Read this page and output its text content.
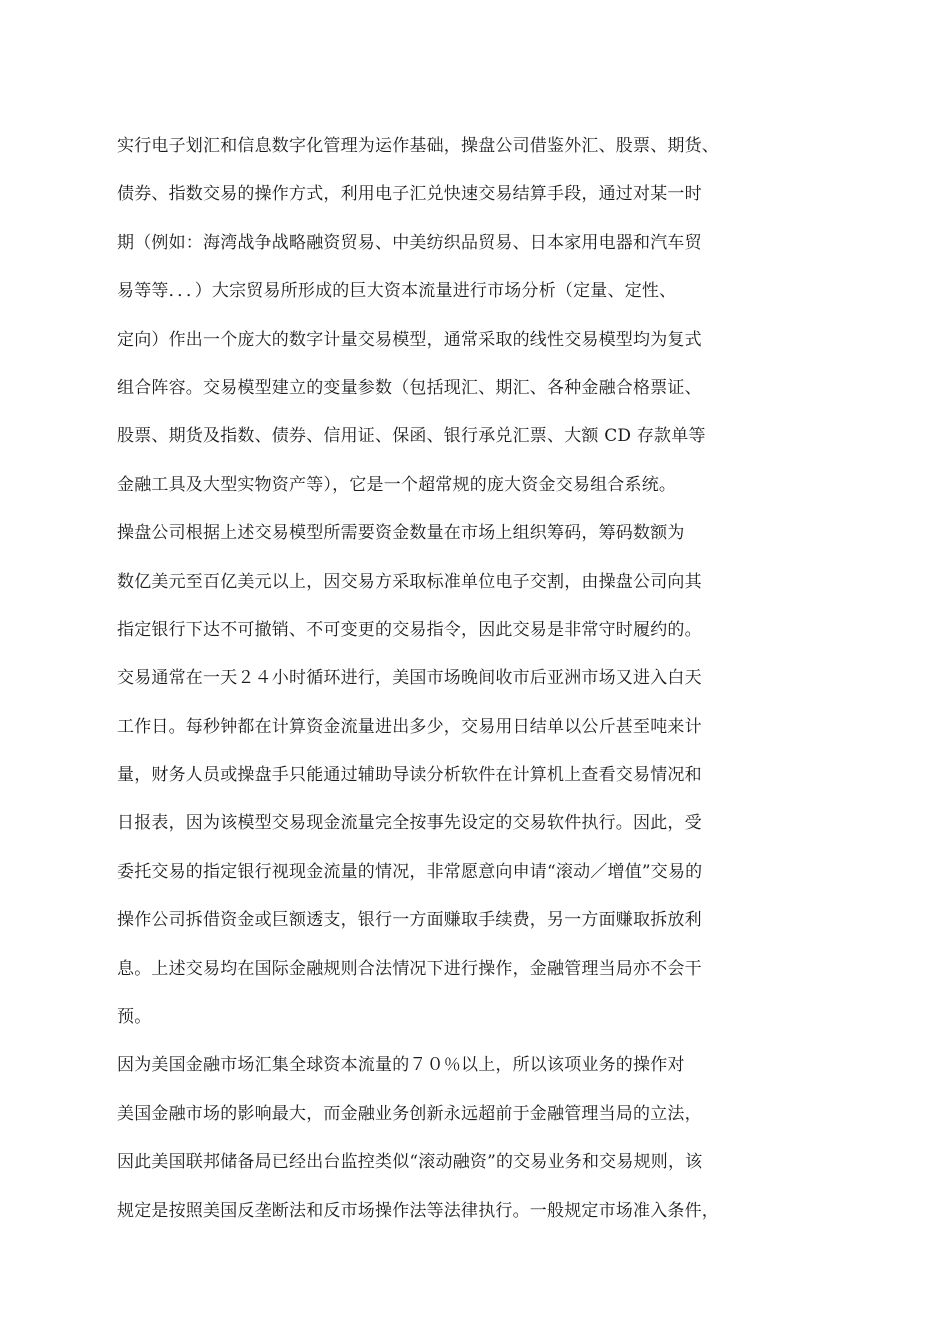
实行电子划汇和信息数字化管理为运作基础，操盘公司借鉴外汇、股票、期货、
债券、指数交易的操作方式，利用电子汇兑快速交易结算手段，通过对某一时
期（例如：海湾战争战略融资贸易、中美纺织品贸易、日本家用电器和汽车贸
易等等．．．）大宗贸易所形成的巨大资本流量进行市场分析（定量、定性、
定向）作出一个庞大的数字计量交易模型，通常采取的线性交易模型均为复式
组合阵容。交易模型建立的变量参数（包括现汇、期汇、各种金融合格票证、
股票、期货及指数、债券、信用证、保函、银行承兑汇票、大额 CD 存款单等
金融工具及大型实物资产等），它是一个超常规的庞大资金交易组合系统。
操盘公司根据上述交易模型所需要资金数量在市场上组织筹码，筹码数额为
数亿美元至百亿美元以上，因交易方采取标准单位电子交割，由操盘公司向其
指定银行下达不可撤销、不可变更的交易指令，因此交易是非常守时履约的。
交易通常在一天２４小时循环进行，美国市场晚间收市后亚洲市场又进入白天
工作日。每秒钟都在计算资金流量进出多少，交易用日结单以公斤甚至吨来计
量，财务人员或操盘手只能通过辅助导读分析软件在计算机上查看交易情况和
日报表，因为该模型交易现金流量完全按事先设定的交易软件执行。因此，受
委托交易的指定银行视现金流量的情况，非常愿意向申请“滚动／增值”交易的
操作公司拆借资金或巨额透支，银行一方面赚取手续费，另一方面赚取拆放利
息。上述交易均在国际金融规则合法情况下进行操作，金融管理当局亦不会干
预。
因为美国金融市场汇集全球资本流量的７０％以上，所以该项业务的操作对
美国金融市场的影响最大，而金融业务创新永远超前于金融管理当局的立法，
因此美国联邦储备局已经出台监控类似“滚动融资”的交易业务和交易规则，该
规定是按照美国反垄断法和反市场操作法等法律执行。一般规定市场准入条件，
